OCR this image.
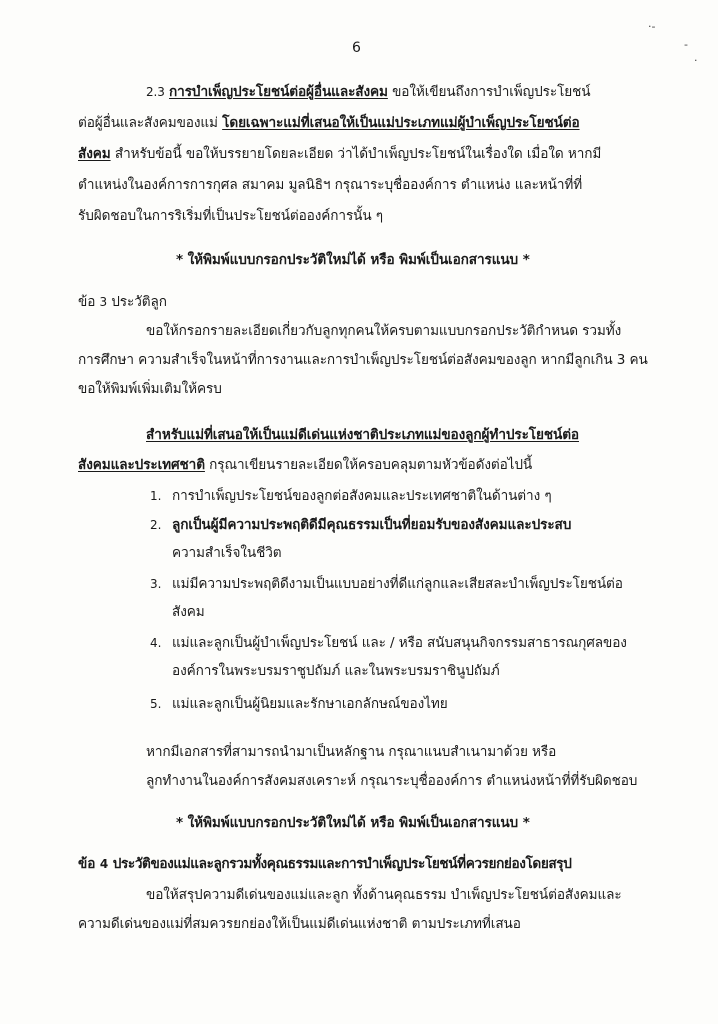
·-
-
·
6
2.3 การบำเพ็ญประโยชน์ต่อผู้อื่นและสังคม ขอให้เขียนถึงการบำเพ็ญประโยชน์
ต่อผู้อื่นและสังคมของแม่ โดยเฉพาะแม่ที่เสนอให้เป็นแม่ประเภทแม่ผู้บำเพ็ญประโยชน์ต่อ
สังคม สำหรับข้อนี้ ขอให้บรรยายโดยละเอียด ว่าได้บำเพ็ญประโยชน์ในเรื่องใด เมื่อใด หากมี
ตำแหน่งในองค์การการกุศล สมาคม มูลนิธิฯ กรุณาระบุชื่อองค์การ ตำแหน่ง และหน้าที่ที่
รับผิดชอบในการริเริ่มที่เป็นประโยชน์ต่อองค์การนั้น ๆ
* ให้พิมพ์แบบกรอกประวัติใหม่ได้ หรือ พิมพ์เป็นเอกสารแนบ *
ข้อ 3 ประวัติลูก
ขอให้กรอกรายละเอียดเกี่ยวกับลูกทุกคนให้ครบตามแบบกรอกประวัติกำหนด รวมทั้ง
การศึกษา ความสำเร็จในหน้าที่การงานและการบำเพ็ญประโยชน์ต่อสังคมของลูก หากมีลูกเกิน 3 คน
ขอให้พิมพ์เพิ่มเติมให้ครบ
สำหรับแม่ที่เสนอให้เป็นแม่ดีเด่นแห่งชาติประเภทแม่ของลูกผู้ทำประโยชน์ต่อ
สังคมและประเทศชาติ กรุณาเขียนรายละเอียดให้ครอบคลุมตามหัวข้อดังต่อไปนี้
1. การบำเพ็ญประโยชน์ของลูกต่อสังคมและประเทศชาติในด้านต่าง ๆ
2. ลูกเป็นผู้มีความประพฤติดีมีคุณธรรมเป็นที่ยอมรับของสังคมและประสบ
ความสำเร็จในชีวิต
3. แม่มีความประพฤติดีงามเป็นแบบอย่างที่ดีแก่ลูกและเสียสละบำเพ็ญประโยชน์ต่อ
สังคม
4. แม่และลูกเป็นผู้บำเพ็ญประโยชน์ และ / หรือ สนับสนุนกิจกรรมสาธารณกุศลของ
องค์การในพระบรมราชูปถัมภ์ และในพระบรมราชินูปถัมภ์
5. แม่และลูกเป็นผู้นิยมและรักษาเอกลักษณ์ของไทย
หากมีเอกสารที่สามารถนำมาเป็นหลักฐาน กรุณาแนบสำเนามาด้วย หรือ
ลูกทำงานในองค์การสังคมสงเคราะห์ กรุณาระบุชื่อองค์การ ตำแหน่งหน้าที่ที่รับผิดชอบ
* ให้พิมพ์แบบกรอกประวัติใหม่ได้ หรือ พิมพ์เป็นเอกสารแนบ *
ข้อ 4 ประวัติของแม่และลูกรวมทั้งคุณธรรมและการบำเพ็ญประโยชน์ที่ควรยกย่องโดยสรุป
ขอให้สรุปความดีเด่นของแม่และลูก ทั้งด้านคุณธรรม บำเพ็ญประโยชน์ต่อสังคมและ
ความดีเด่นของแม่ที่สมควรยกย่องให้เป็นแม่ดีเด่นแห่งชาติ ตามประเภทที่เสนอ
